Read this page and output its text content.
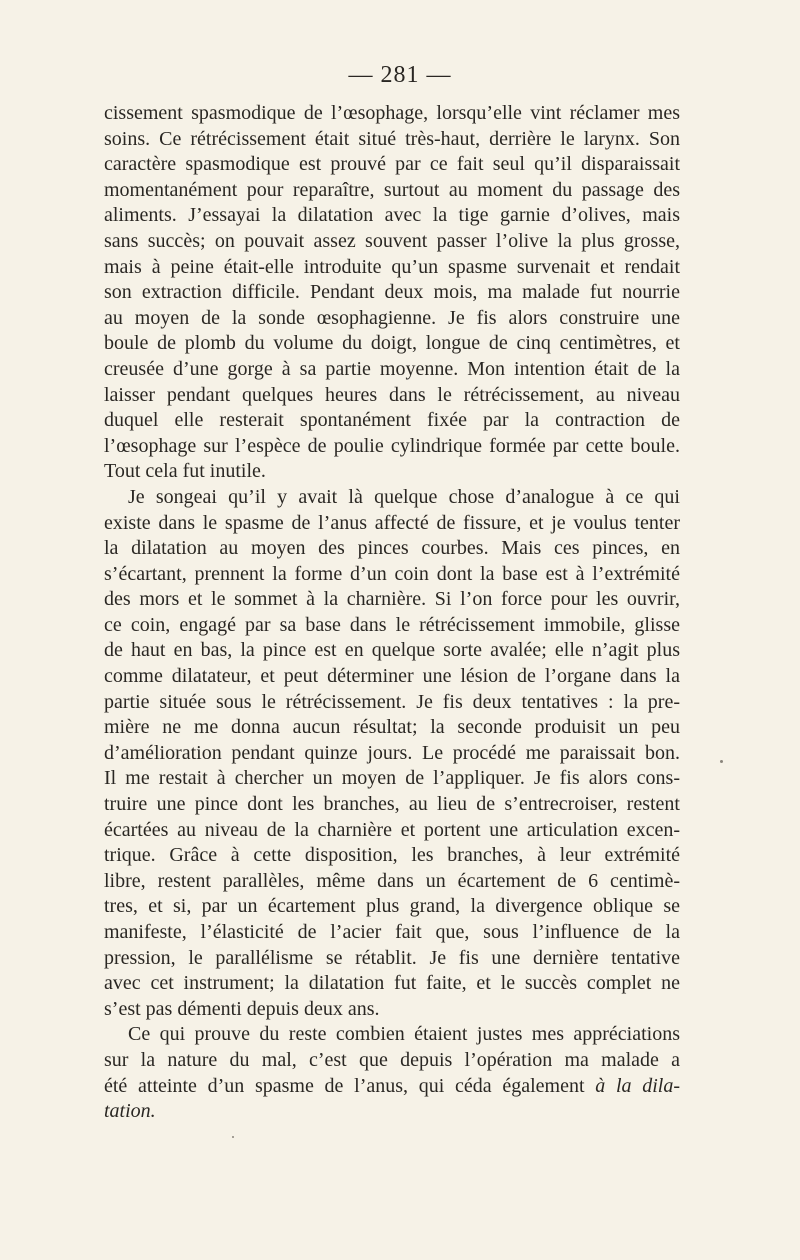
— 281 —
cissement spasmodique de l’œsophage, lorsqu’elle vint réclamer mes
soins. Ce rétrécissement était situé très-haut, derrière le larynx. Son
caractère spasmodique est prouvé par ce fait seul qu’il disparaissait
momentanément pour reparaître, surtout au moment du passage des
aliments. J’essayai la dilatation avec la tige garnie d’olives, mais
sans succès; on pouvait assez souvent passer l’olive la plus grosse,
mais à peine était-elle introduite qu’un spasme survenait et rendait
son extraction difficile. Pendant deux mois, ma malade fut nourrie
au moyen de la sonde œsophagienne. Je fis alors construire une
boule de plomb du volume du doigt, longue de cinq centimètres, et
creusée d’une gorge à sa partie moyenne. Mon intention était de la
laisser pendant quelques heures dans le rétrécissement, au niveau
duquel elle resterait spontanément fixée par la contraction de
l’œsophage sur l’espèce de poulie cylindrique formée par cette boule.
Tout cela fut inutile.
Je songeai qu’il y avait là quelque chose d’analogue à ce qui
existe dans le spasme de l’anus affecté de fissure, et je voulus tenter
la dilatation au moyen des pinces courbes. Mais ces pinces, en
s’écartant, prennent la forme d’un coin dont la base est à l’extrémité
des mors et le sommet à la charnière. Si l’on force pour les ouvrir,
ce coin, engagé par sa base dans le rétrécissement immobile, glisse
de haut en bas, la pince est en quelque sorte avalée; elle n’agit plus
comme dilatateur, et peut déterminer une lésion de l’organe dans la
partie située sous le rétrécissement. Je fis deux tentatives : la pre-
mière ne me donna aucun résultat; la seconde produisit un peu
d’amélioration pendant quinze jours. Le procédé me paraissait bon.
Il me restait à chercher un moyen de l’appliquer. Je fis alors cons-
truire une pince dont les branches, au lieu de s’entrecroiser, restent
écartées au niveau de la charnière et portent une articulation excen-
trique. Grâce à cette disposition, les branches, à leur extrémité
libre, restent parallèles, même dans un écartement de 6 centimè-
tres, et si, par un écartement plus grand, la divergence oblique se
manifeste, l’élasticité de l’acier fait que, sous l’influence de la
pression, le parallélisme se rétablit. Je fis une dernière tentative
avec cet instrument; la dilatation fut faite, et le succès complet ne
s’est pas démenti depuis deux ans.
Ce qui prouve du reste combien étaient justes mes appréciations
sur la nature du mal, c’est que depuis l’opération ma malade a
été atteinte d’un spasme de l’anus, qui céda également à la dila-
tation.
